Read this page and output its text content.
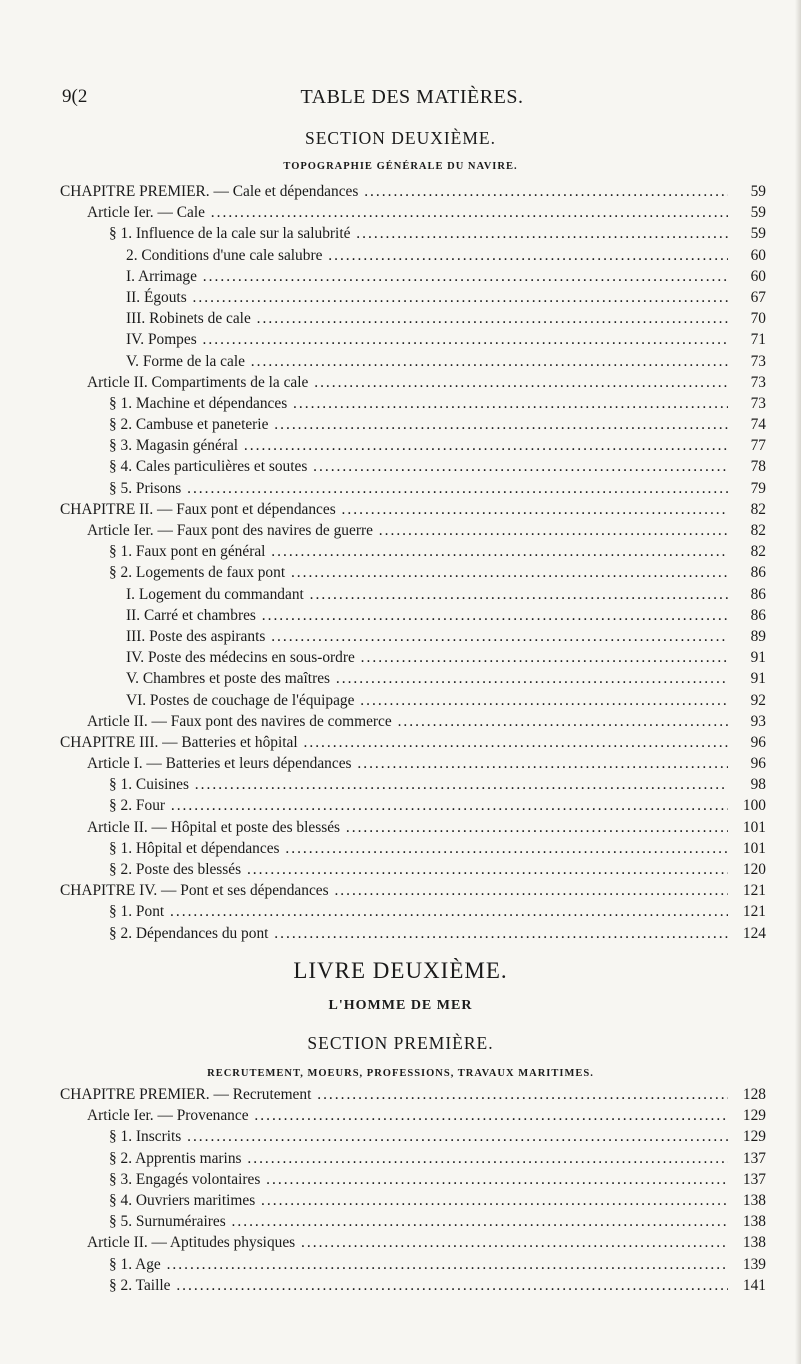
9(2	TABLE DES MATIÈRES.
SECTION DEUXIÈME.
TOPOGRAPHIE GÉNÉRALE DU NAVIRE.
CHAPITRE PREMIER. — Cale et dépendances .....	59
Article Ier. — Cale .....	59
§ 1. Influence de la cale sur la salubrité .....	59
2. Conditions d'une cale salubre .....	60
I. Arrimage .....	60
II. Égouts .....	67
III. Robinets de cale .....	70
IV. Pompes .....	71
V. Forme de la cale .....	73
Article II. Compartiments de la cale .....	73
§ 1. Machine et dépendances .....	73
§ 2. Cambuse et paneterie .....	74
§ 3. Magasin général .....	77
§ 4. Cales particulières et soutes .....	78
§ 5. Prisons .....	79
CHAPITRE II. — Faux pont et dépendances .....	82
Article Ier. — Faux pont des navires de guerre .....	82
§ 1. Faux pont en général .....	82
§ 2. Logements de faux pont .....	86
I. Logement du commandant .....	86
II. Carré et chambres .....	86
III. Poste des aspirants .....	89
IV. Poste des médecins en sous-ordre .....	91
V. Chambres et poste des maîtres .....	91
VI. Postes de couchage de l'équipage .....	92
Article II. — Faux pont des navires de commerce .....	93
CHAPITRE III. — Batteries et hôpital .....	96
Article I. — Batteries et leurs dépendances .....	96
§ 1. Cuisines .....	98
§ 2. Four .....	100
Article II. — Hôpital et poste des blessés .....	101
§ 1. Hôpital et dépendances .....	101
§ 2. Poste des blessés .....	120
CHAPITRE IV. — Pont et ses dépendances .....	121
§ 1. Pont .....	121
§ 2. Dépendances du pont .....	124
LIVRE DEUXIÈME.
L'HOMME DE MER
SECTION PREMIÈRE.
RECRUTEMENT, MOEURS, PROFESSIONS, TRAVAUX MARITIMES.
CHAPITRE PREMIER. — Recrutement .....	128
Article Ier. — Provenance .....	129
§ 1. Inscrits .....	129
§ 2. Apprentis marins .....	137
§ 3. Engagés volontaires .....	137
§ 4. Ouvriers maritimes .....	138
§ 5. Surnuméraires .....	138
Article II. — Aptitudes physiques .....	138
§ 1. Age .....	139
§ 2. Taille .....	141
